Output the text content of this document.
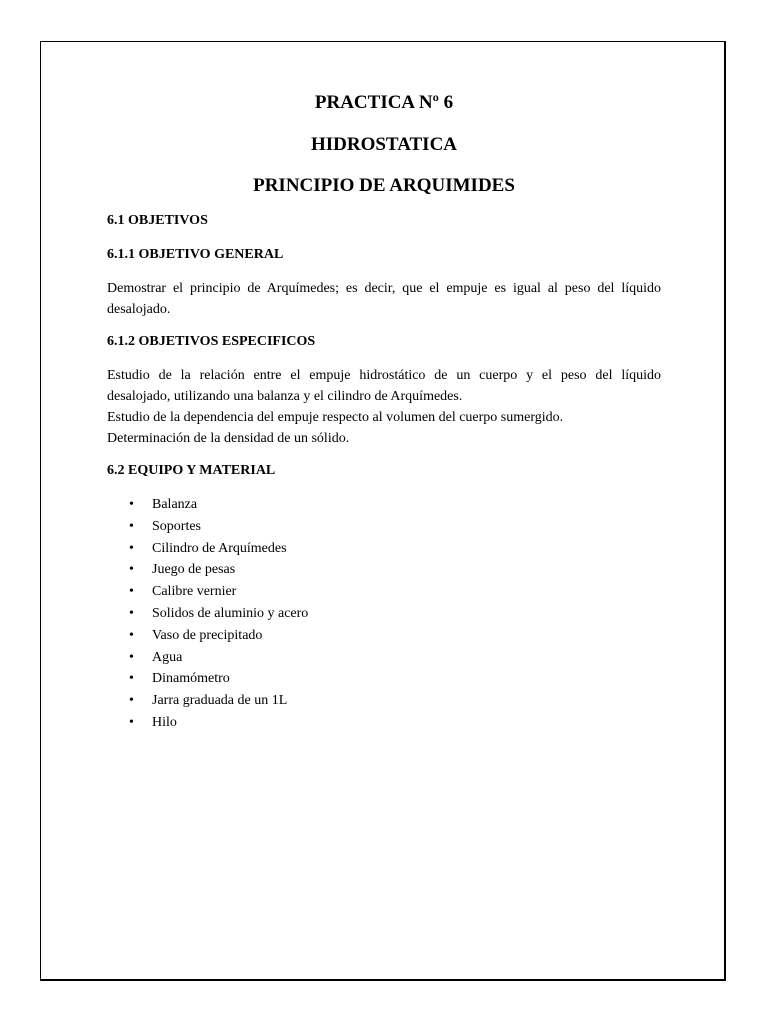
PRACTICA Nº 6
HIDROSTATICA
PRINCIPIO DE ARQUIMIDES
6.1 OBJETIVOS
6.1.1 OBJETIVO GENERAL

Demostrar el principio de Arquímedes; es decir, que el empuje es igual al peso del líquido
desalojado.

6.1.2 OBJETIVOS ESPECIFICOS

Estudio de la relación entre el empuje hidrostático de un cuerpo y el peso del líquido
desalojado, utilizando una balanza y el cilindro de Arquímedes.
Estudio de la dependencia del empuje respecto al volumen del cuerpo sumergido.
Determinación de la densidad de un sólido.

6.2 EQUIPO Y MATERIAL
• Balanza
• Soportes
• Cilindro de Arquímedes
• Juego de pesas
• Calibre vernier
• Solidos de aluminio y acero
• Vaso de precipitado
• Agua
• Dinamómetro
• Jarra graduada de un 1L
• Hilo
